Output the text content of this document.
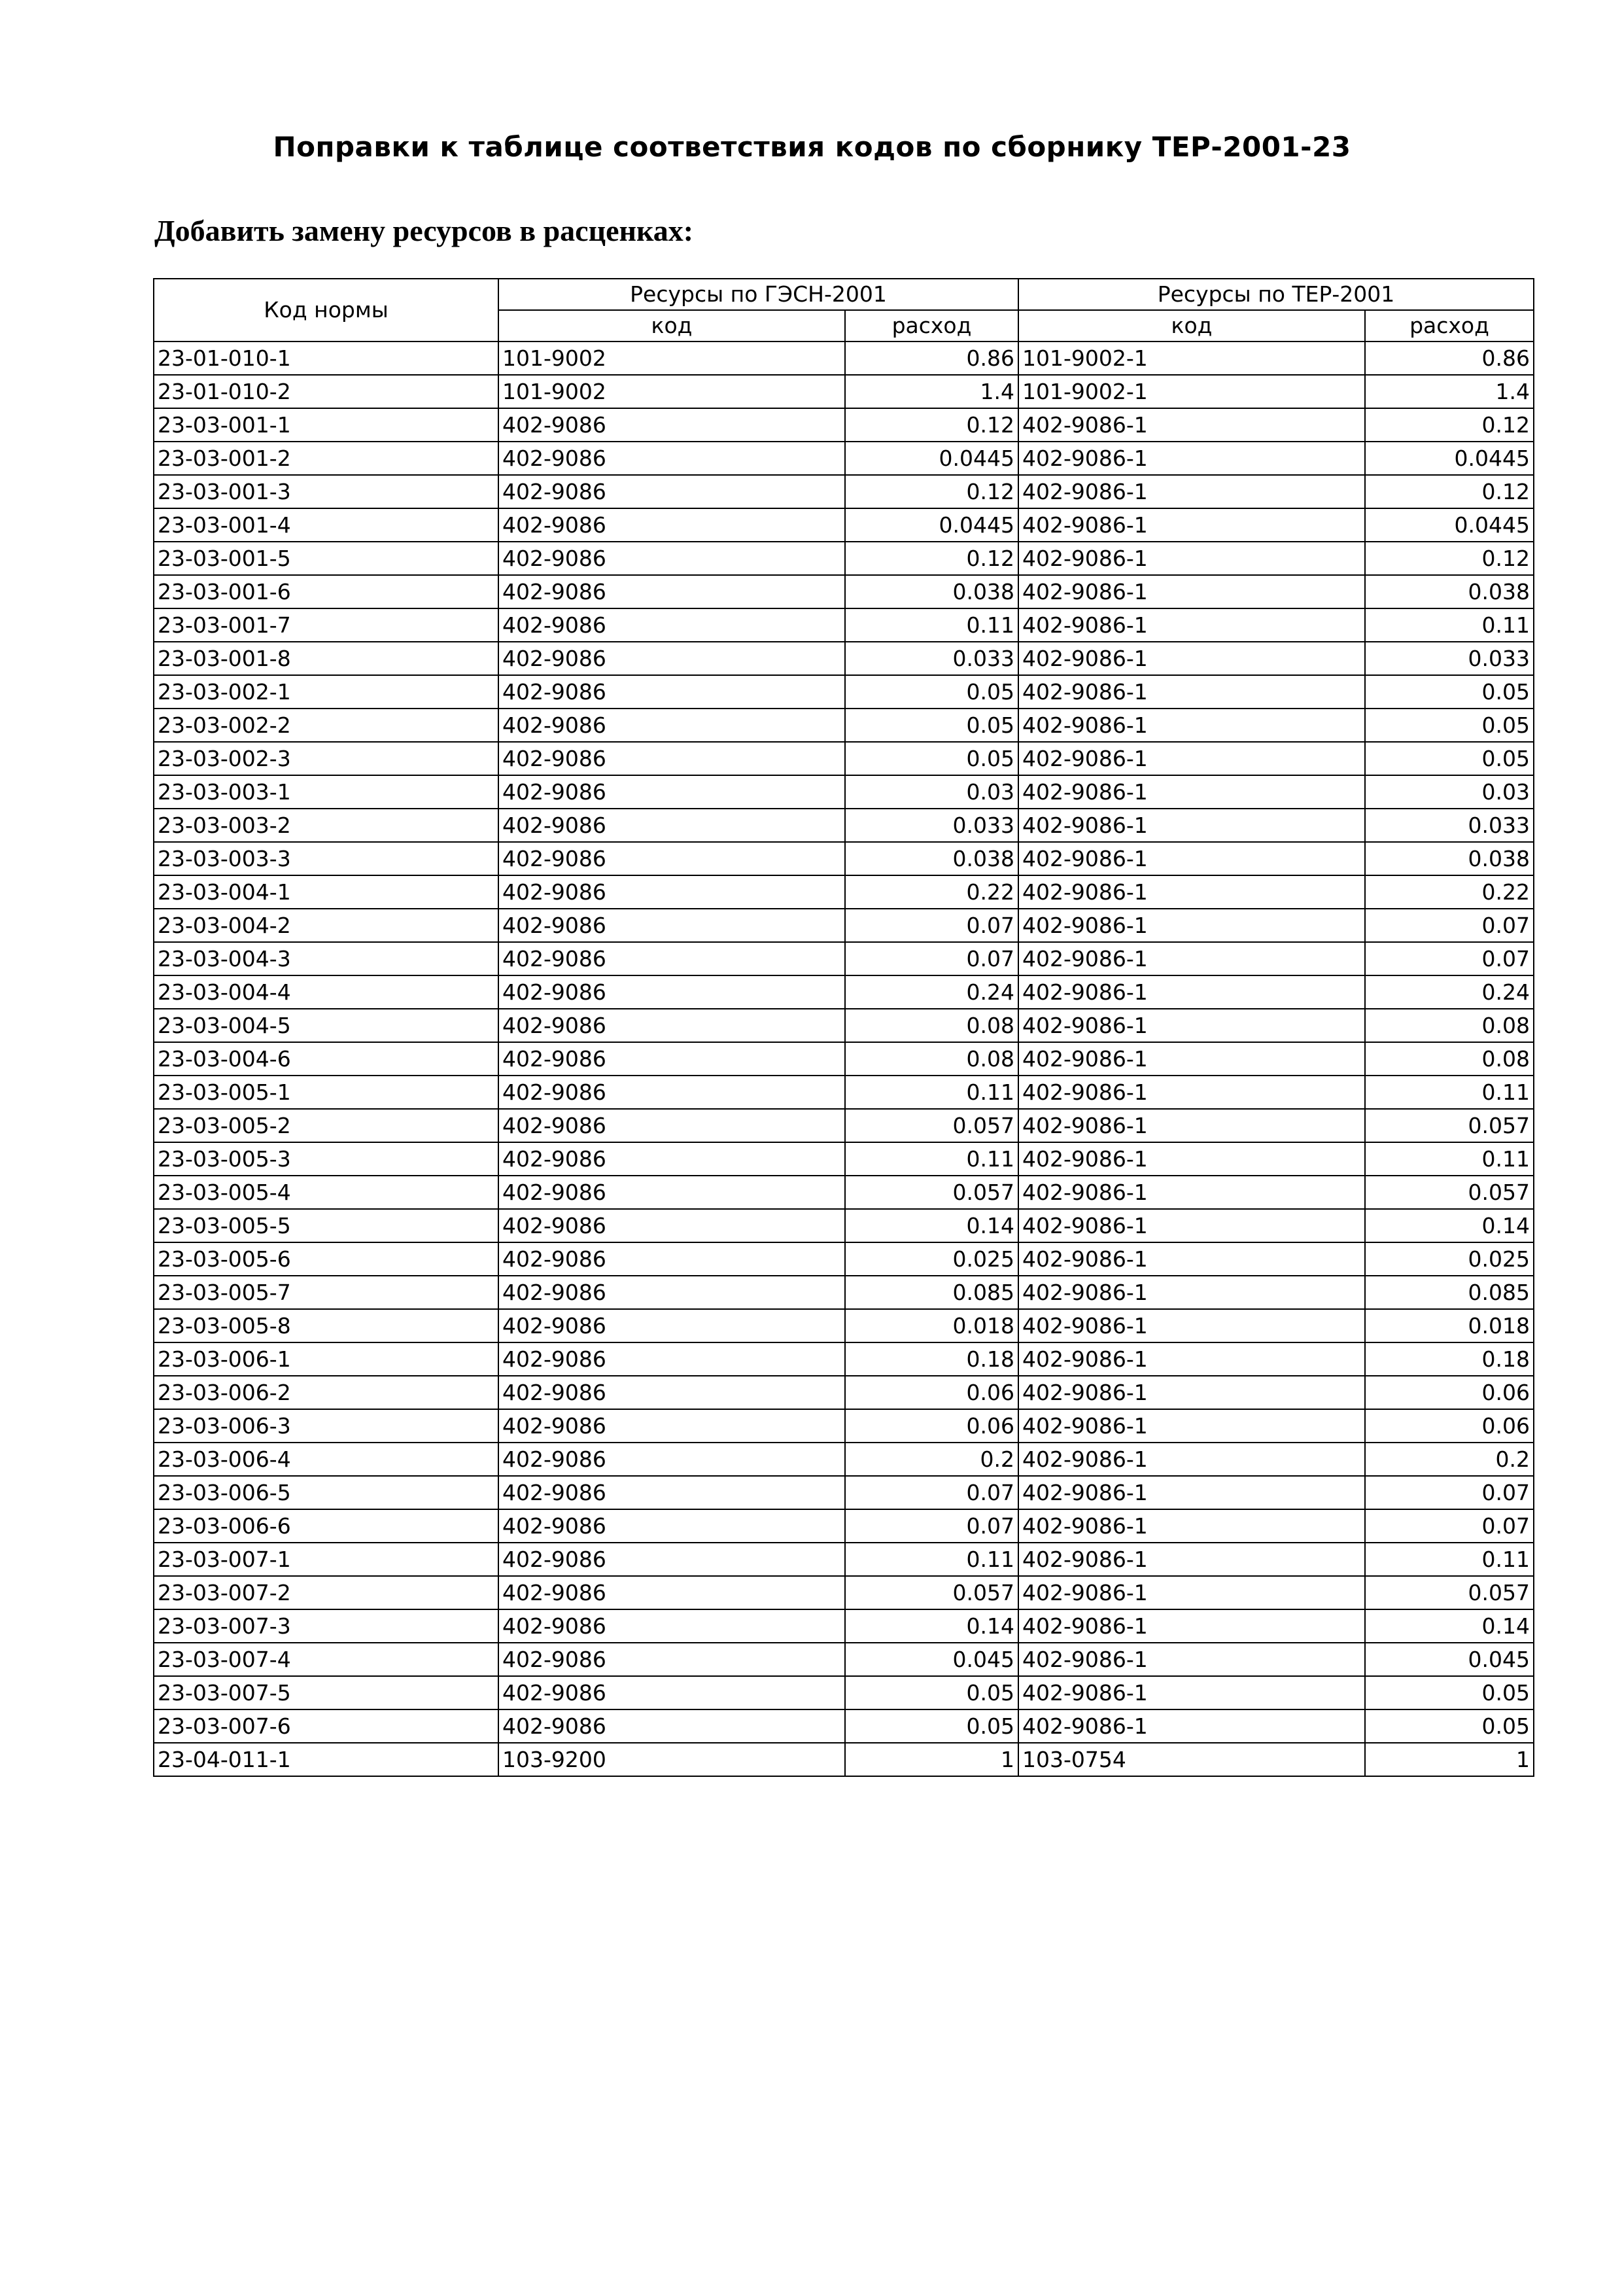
Поправки к таблице соответствия кодов по сборнику ТЕР-2001-23
Добавить замену ресурсов в расценках:
Код нормы	Ресурсы по ГЭСН-2001		Ресурсы по ТЕР-2001	
	код	расход	код	расход
23-01-010-1	101-9002	0.86	101-9002-1	0.86
23-01-010-2	101-9002	1.4	101-9002-1	1.4
23-03-001-1	402-9086	0.12	402-9086-1	0.12
23-03-001-2	402-9086	0.0445	402-9086-1	0.0445
23-03-001-3	402-9086	0.12	402-9086-1	0.12
23-03-001-4	402-9086	0.0445	402-9086-1	0.0445
23-03-001-5	402-9086	0.12	402-9086-1	0.12
23-03-001-6	402-9086	0.038	402-9086-1	0.038
23-03-001-7	402-9086	0.11	402-9086-1	0.11
23-03-001-8	402-9086	0.033	402-9086-1	0.033
23-03-002-1	402-9086	0.05	402-9086-1	0.05
23-03-002-2	402-9086	0.05	402-9086-1	0.05
23-03-002-3	402-9086	0.05	402-9086-1	0.05
23-03-003-1	402-9086	0.03	402-9086-1	0.03
23-03-003-2	402-9086	0.033	402-9086-1	0.033
23-03-003-3	402-9086	0.038	402-9086-1	0.038
23-03-004-1	402-9086	0.22	402-9086-1	0.22
23-03-004-2	402-9086	0.07	402-9086-1	0.07
23-03-004-3	402-9086	0.07	402-9086-1	0.07
23-03-004-4	402-9086	0.24	402-9086-1	0.24
23-03-004-5	402-9086	0.08	402-9086-1	0.08
23-03-004-6	402-9086	0.08	402-9086-1	0.08
23-03-005-1	402-9086	0.11	402-9086-1	0.11
23-03-005-2	402-9086	0.057	402-9086-1	0.057
23-03-005-3	402-9086	0.11	402-9086-1	0.11
23-03-005-4	402-9086	0.057	402-9086-1	0.057
23-03-005-5	402-9086	0.14	402-9086-1	0.14
23-03-005-6	402-9086	0.025	402-9086-1	0.025
23-03-005-7	402-9086	0.085	402-9086-1	0.085
23-03-005-8	402-9086	0.018	402-9086-1	0.018
23-03-006-1	402-9086	0.18	402-9086-1	0.18
23-03-006-2	402-9086	0.06	402-9086-1	0.06
23-03-006-3	402-9086	0.06	402-9086-1	0.06
23-03-006-4	402-9086	0.2	402-9086-1	0.2
23-03-006-5	402-9086	0.07	402-9086-1	0.07
23-03-006-6	402-9086	0.07	402-9086-1	0.07
23-03-007-1	402-9086	0.11	402-9086-1	0.11
23-03-007-2	402-9086	0.057	402-9086-1	0.057
23-03-007-3	402-9086	0.14	402-9086-1	0.14
23-03-007-4	402-9086	0.045	402-9086-1	0.045
23-03-007-5	402-9086	0.05	402-9086-1	0.05
23-03-007-6	402-9086	0.05	402-9086-1	0.05
23-04-011-1	103-9200	1	103-0754	1
